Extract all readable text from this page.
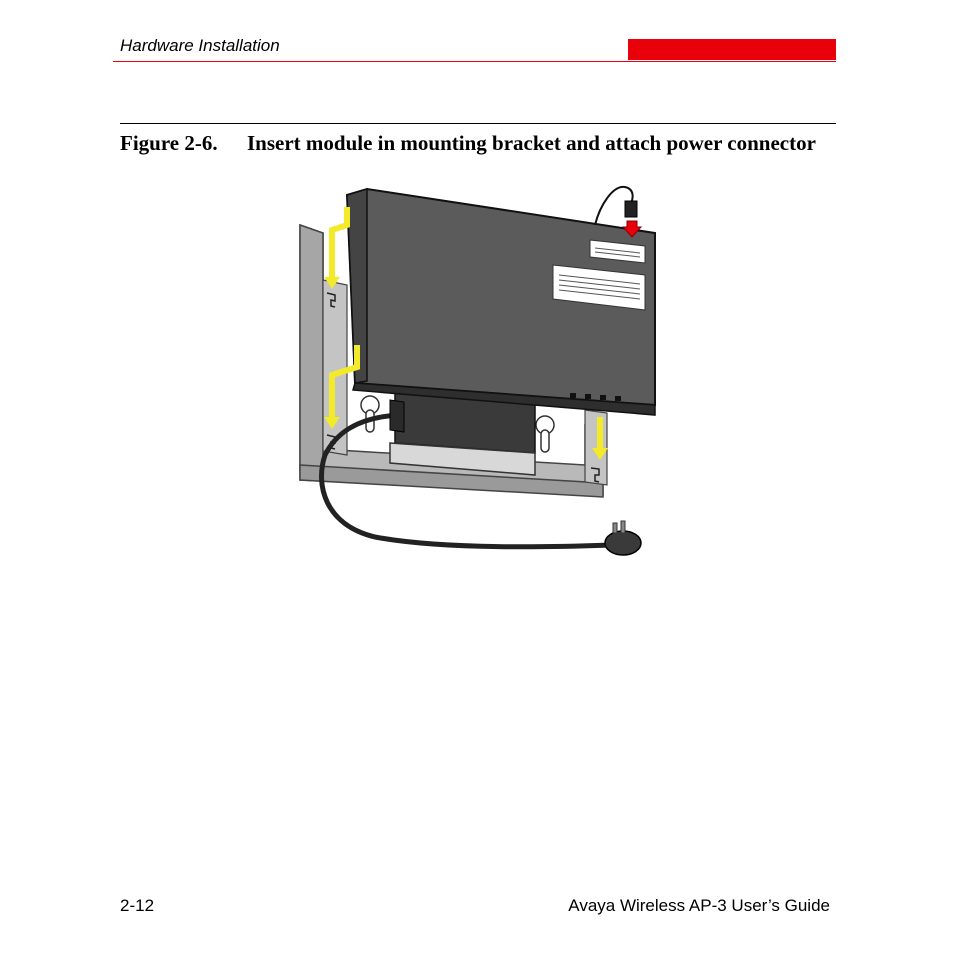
Hardware Installation
Figure 2-6. Insert module in mounting bracket and attach power connector
2-12	Avaya Wireless AP-3 User’s Guide
